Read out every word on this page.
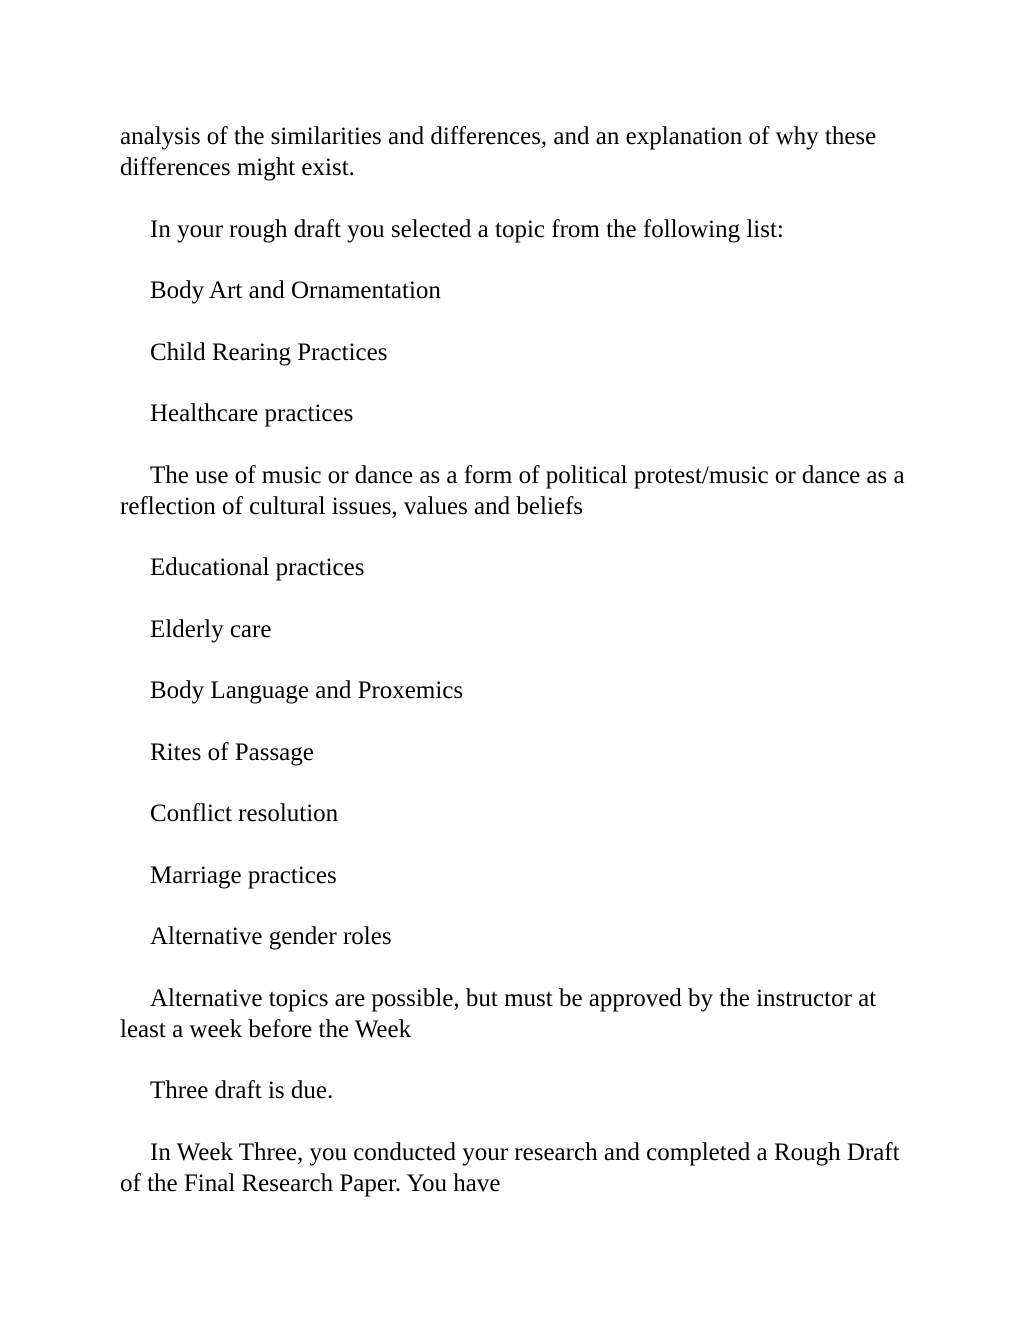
analysis of the similarities and differences, and an explanation of why these differences might exist.

In your rough draft you selected a topic from the following list:

Body Art and Ornamentation

Child Rearing Practices

Healthcare practices

The use of music or dance as a form of political protest/music or dance as a reflection of cultural issues, values and beliefs

Educational practices

Elderly care

Body Language and Proxemics

Rites of Passage

Conflict resolution

Marriage practices

Alternative gender roles

Alternative topics are possible, but must be approved by the instructor at least a week before the Week

Three draft is due.

In Week Three, you conducted your research and completed a Rough Draft of the Final Research Paper. You have
